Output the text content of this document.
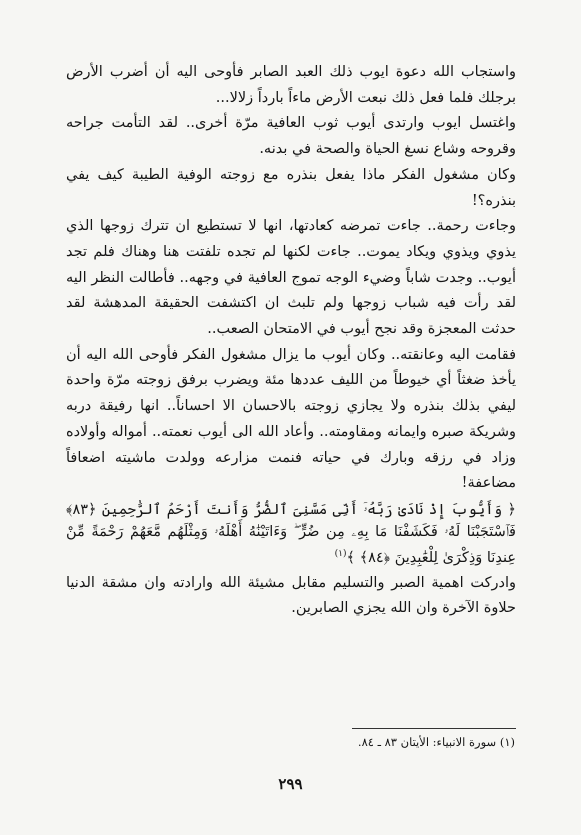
واستجاب الله دعوة ايوب ذلك العبد الصابر فأوحى اليه أن أضرب الأرض برجلك فلما فعل ذلك نبعت الأرض ماءاً بارداً زلالا...

واغتسل ايوب وارتدى أيوب ثوب العافية مرّة أخرى.. لقد التأمت جراحه وقروحه وشاع نسغ الحياة والصحة في بدنه.

وكان مشغول الفكر ماذا يفعل بنذره مع زوجته الوفية الطيبة كيف يفي بنذره؟!

وجاءت رحمة.. جاءت تمرضه كعادتها، انها لا تستطيع ان تترك زوجها الذي يذوي ويذوي ويكاد يموت.. جاءت لكنها لم تجده تلفتت هنا وهناك فلم تجد أيوب.. وجدت شاباً وضيء الوجه تموج العافية في وجهه.. فأطالت النظر اليه لقد رأت فيه شباب زوجها ولم تلبث ان اكتشفت الحقيقة المدهشة لقد حدثت المعجزة وقد نجح أيوب في الامتحان الصعب..

فقامت اليه وعانقته.. وكان أيوب ما يزال مشغول الفكر فأوحى الله اليه أن يأخذ ضغثاً أي خيوطاً من الليف عددها مئة ويضرب برفق زوجته مرّة واحدة ليفي بذلك بنذره ولا يجازي زوجته بالاحسان الا احساناً.. انها رفيقة دربه وشريكة صبره وايمانه ومقاومته.. وأعاد الله الى أيوب نعمته.. أمواله وأولاده وزاد في رزقه وبارك في حياته فنمت مزارعه وولدت ماشيته اضعافاً مضاعفة!

﴿ وَأَيُّوبَ إِذْ نَادَىٰ رَبَّهُۥٓ أَنِّى مَسَّنِىَ ٱلضُّرُّ وَأَنتَ أَرْحَمُ ٱلرَّٰحِمِينَ ﴿٨٣﴾ فَٱسْتَجَبْنَا لَهُۥ فَكَشَفْنَا مَا بِهِۦ مِن ضُرٍّ ۖ وَءَاتَيْنَٰهُ أَهْلَهُۥ وَمِثْلَهُم مَّعَهُمْ رَحْمَةً مِّنْ عِندِنَا وَذِكْرَىٰ لِلْعَٰبِدِينَ ﴿٨٤﴾ ﴾$^{(١)}$

وادركت اهمية الصبر والتسليم مقابل مشيئة الله وارادته وان مشقة الدنيا حلاوة الآخرة وان الله يجزي الصابرين.

(١) سورة الانبياء: الأيتان ٨٣ ـ ٨٤.
٢٩٩
